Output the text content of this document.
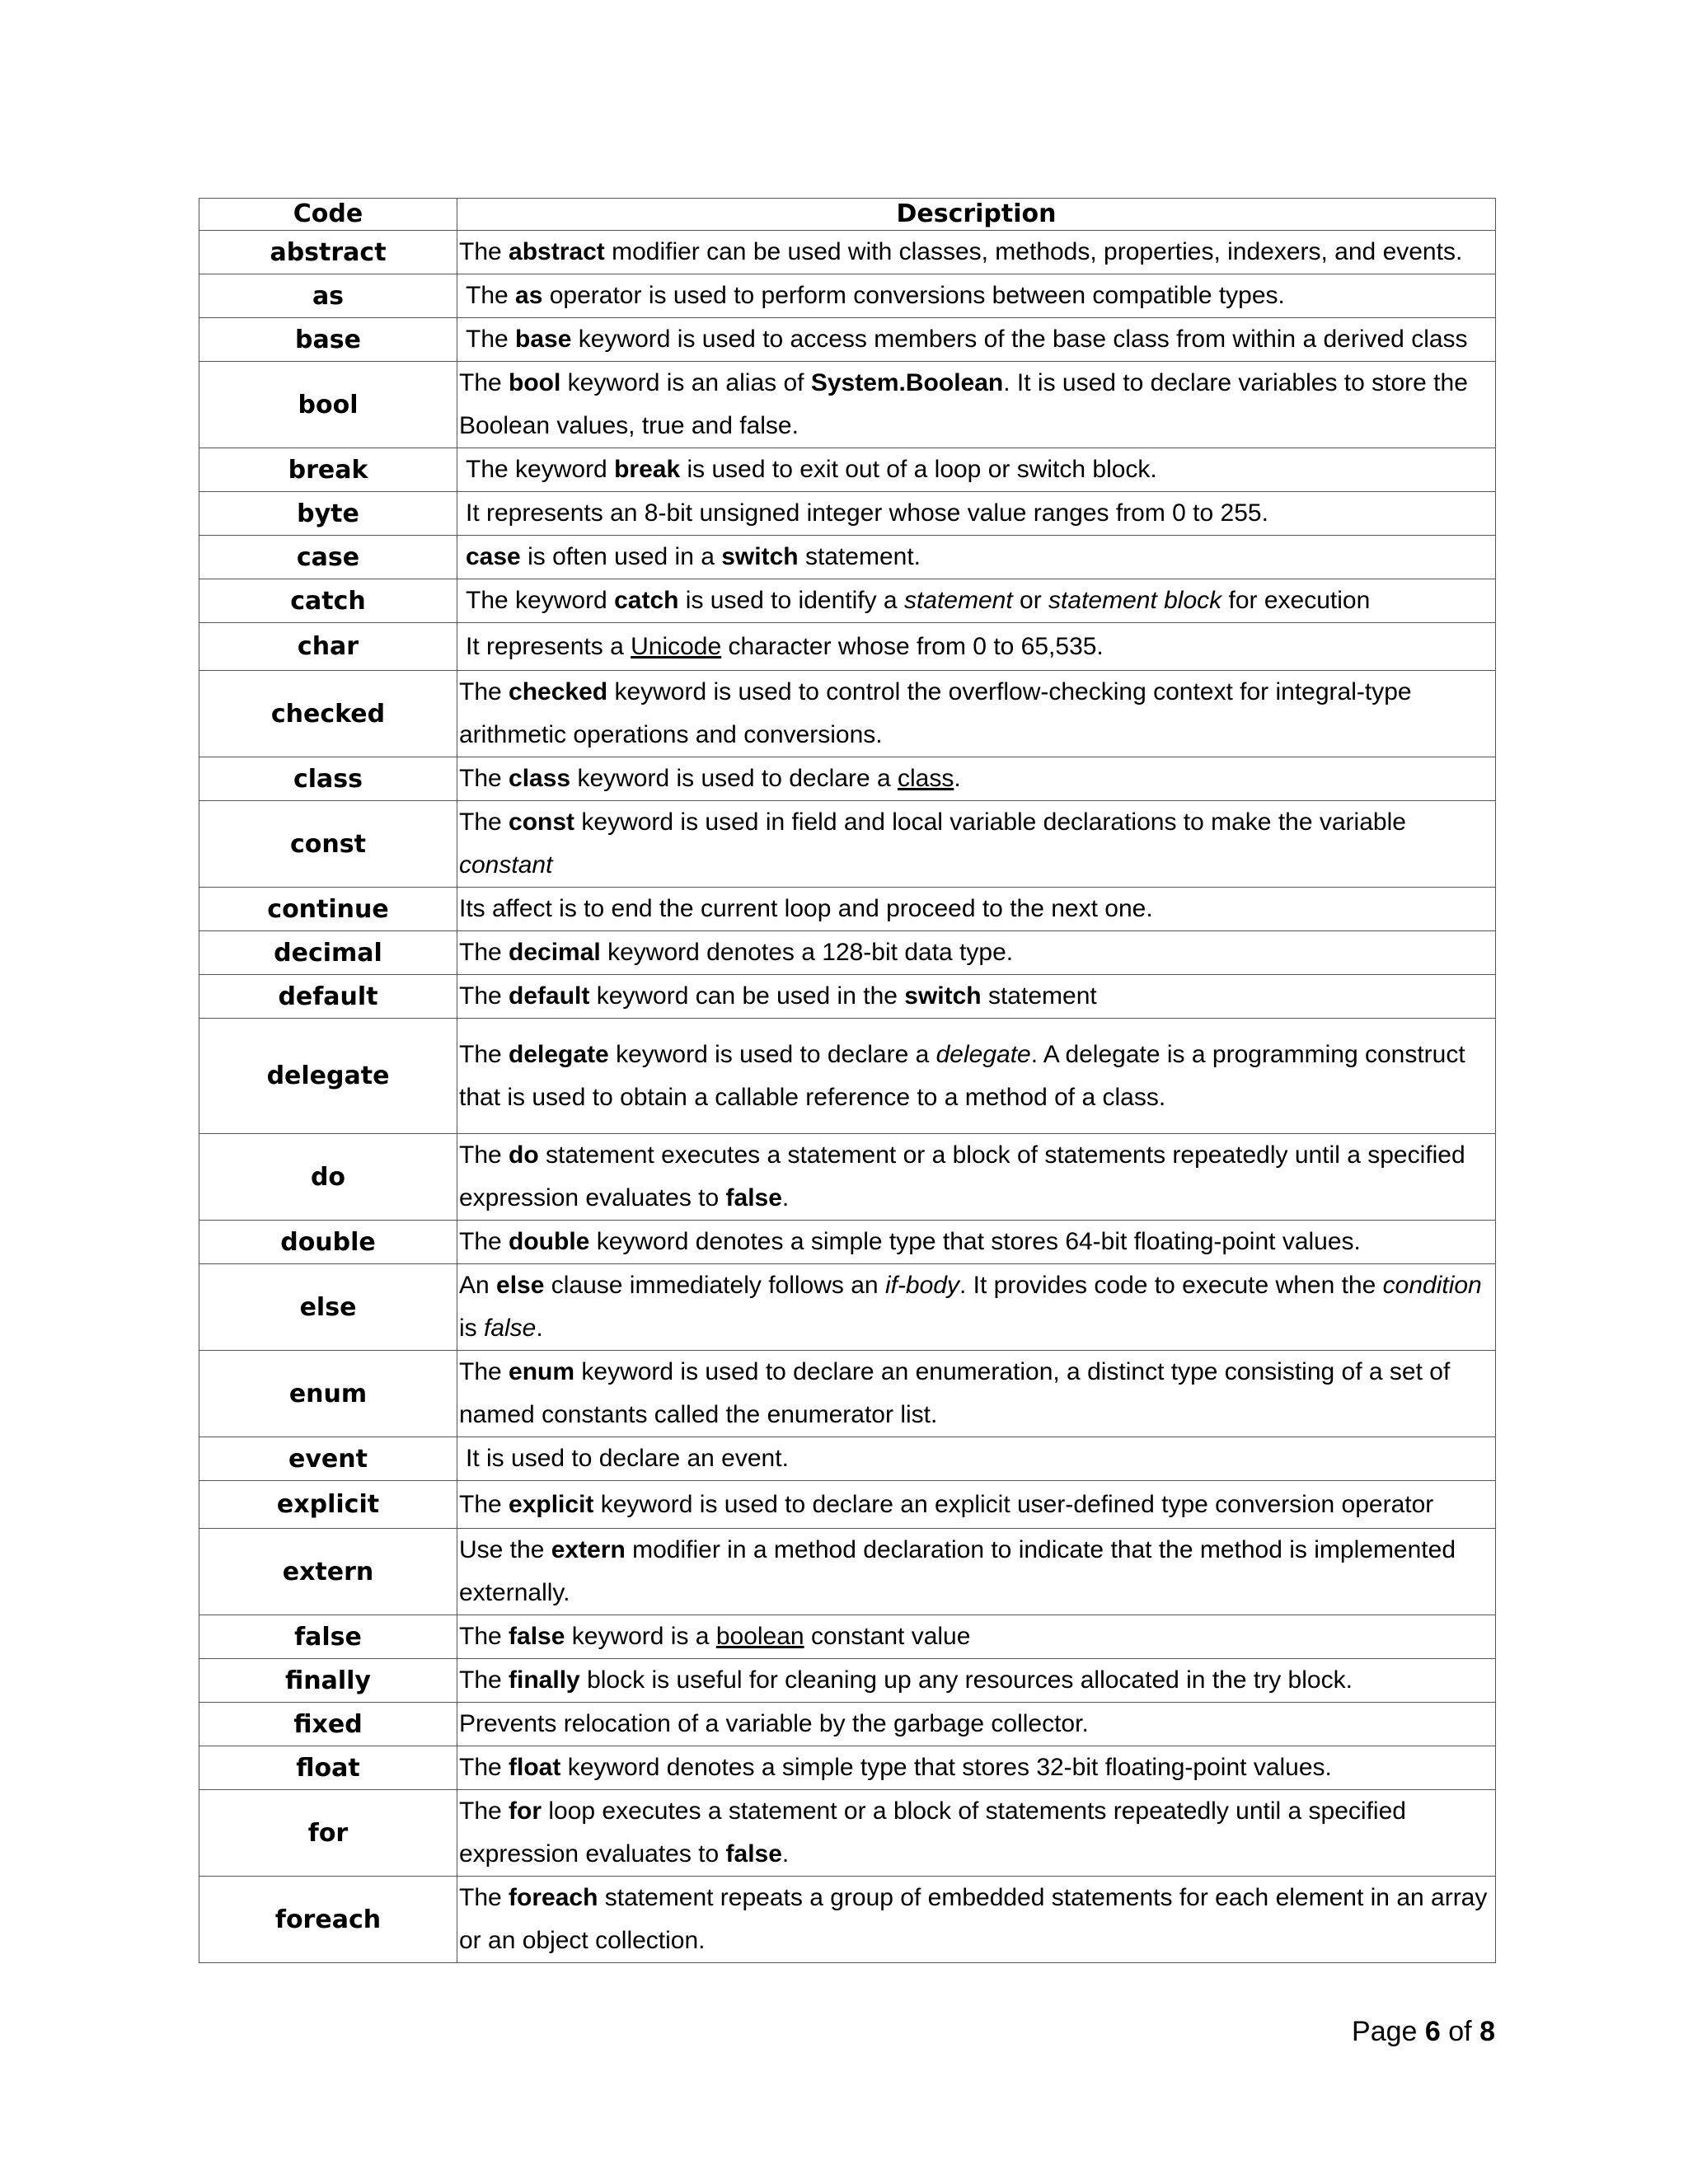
Code	Description
abstract	The abstract modifier can be used with classes, methods, properties, indexers, and events.
as	The as operator is used to perform conversions between compatible types.
base	The base keyword is used to access members of the base class from within a derived class
bool	The bool keyword is an alias of System.Boolean. It is used to declare variables to store the Boolean values, true and false.
break	The keyword break is used to exit out of a loop or switch block.
byte	It represents an 8-bit unsigned integer whose value ranges from 0 to 255.
case	case is often used in a switch statement.
catch	The keyword catch is used to identify a statement or statement block for execution
char	It represents a Unicode character whose from 0 to 65,535.
checked	The checked keyword is used to control the overflow-checking context for integral-type arithmetic operations and conversions.
class	The class keyword is used to declare a class.
const	The const keyword is used in field and local variable declarations to make the variable constant
continue	Its affect is to end the current loop and proceed to the next one.
decimal	The decimal keyword denotes a 128-bit data type.
default	The default keyword can be used in the switch statement
delegate	The delegate keyword is used to declare a delegate. A delegate is a programming construct that is used to obtain a callable reference to a method of a class.
do	The do statement executes a statement or a block of statements repeatedly until a specified expression evaluates to false.
double	The double keyword denotes a simple type that stores 64-bit floating-point values.
else	An else clause immediately follows an if-body. It provides code to execute when the condition is false.
enum	The enum keyword is used to declare an enumeration, a distinct type consisting of a set of named constants called the enumerator list.
event	It is used to declare an event.
explicit	The explicit keyword is used to declare an explicit user-defined type conversion operator
extern	Use the extern modifier in a method declaration to indicate that the method is implemented externally.
false	The false keyword is a boolean constant value
finally	The finally block is useful for cleaning up any resources allocated in the try block.
fixed	Prevents relocation of a variable by the garbage collector.
float	The float keyword denotes a simple type that stores 32-bit floating-point values.
for	The for loop executes a statement or a block of statements repeatedly until a specified expression evaluates to false.
foreach	The foreach statement repeats a group of embedded statements for each element in an array or an object collection.
Page 6 of 8
